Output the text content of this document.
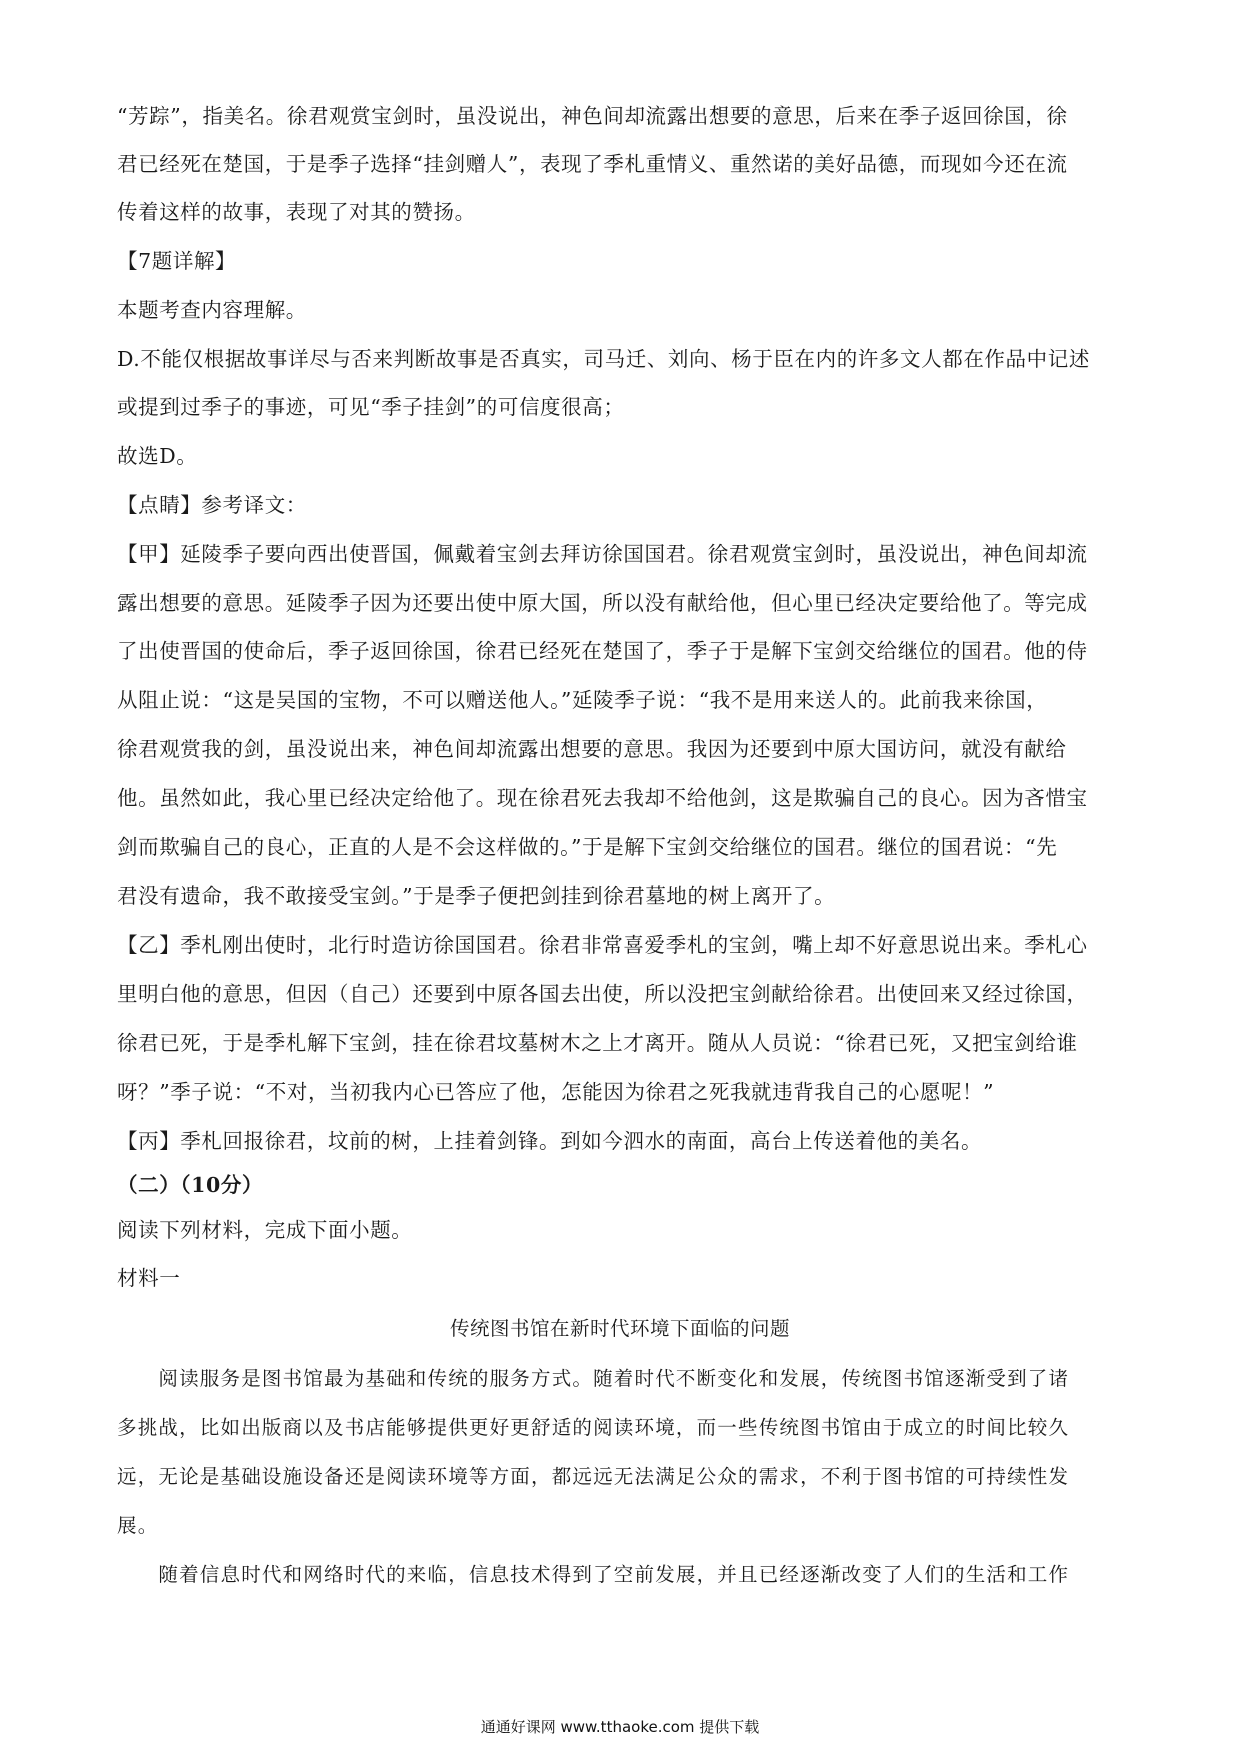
“芳踪”，指美名。徐君观赏宝剑时，虽没说出，神色间却流露出想要的意思，后来在季子返回徐国，徐
君已经死在楚国，于是季子选择“挂剑赠人”，表现了季札重情义、重然诺的美好品德，而现如今还在流
传着这样的故事，表现了对其的赞扬。
【7题详解】
本题考查内容理解。
D.不能仅根据故事详尽与否来判断故事是否真实，司马迁、刘向、杨于臣在内的许多文人都在作品中记述
或提到过季子的事迹，可见“季子挂剑”的可信度很高；
故选D。
【点睛】参考译文：
【甲】延陵季子要向西出使晋国，佩戴着宝剑去拜访徐国国君。徐君观赏宝剑时，虽没说出，神色间却流
露出想要的意思。延陵季子因为还要出使中原大国，所以没有献给他，但心里已经决定要给他了。等完成
了出使晋国的使命后，季子返回徐国，徐君已经死在楚国了，季子于是解下宝剑交给继位的国君。他的侍
从阻止说：“这是吴国的宝物，不可以赠送他人。”延陵季子说：“我不是用来送人的。此前我来徐国，
徐君观赏我的剑，虽没说出来，神色间却流露出想要的意思。我因为还要到中原大国访问，就没有献给
他。虽然如此，我心里已经决定给他了。现在徐君死去我却不给他剑，这是欺骗自己的良心。因为吝惜宝
剑而欺骗自己的良心，正直的人是不会这样做的。”于是解下宝剑交给继位的国君。继位的国君说：“先
君没有遗命，我不敢接受宝剑。”于是季子便把剑挂到徐君墓地的树上离开了。
【乙】季札刚出使时，北行时造访徐国国君。徐君非常喜爱季札的宝剑，嘴上却不好意思说出来。季札心
里明白他的意思，但因（自己）还要到中原各国去出使，所以没把宝剑献给徐君。出使回来又经过徐国，
徐君已死，于是季札解下宝剑，挂在徐君坟墓树木之上才离开。随从人员说：“徐君已死，又把宝剑给谁
呀？”季子说：“不对，当初我内心已答应了他，怎能因为徐君之死我就违背我自己的心愿呢！”
【丙】季札回报徐君，坟前的树，上挂着剑锋。到如今泗水的南面，高台上传送着他的美名。
（二）（10分）
阅读下列材料，完成下面小题。
材料一
传统图书馆在新时代环境下面临的问题
　　阅读服务是图书馆最为基础和传统的服务方式。随着时代不断变化和发展，传统图书馆逐渐受到了诸
多挑战，比如出版商以及书店能够提供更好更舒适的阅读环境，而一些传统图书馆由于成立的时间比较久
远，无论是基础设施设备还是阅读环境等方面，都远远无法满足公众的需求，不利于图书馆的可持续性发
展。
　　随着信息时代和网络时代的来临，信息技术得到了空前发展，并且已经逐渐改变了人们的生活和工作
通通好课网 www.tthaoke.com 提供下载
